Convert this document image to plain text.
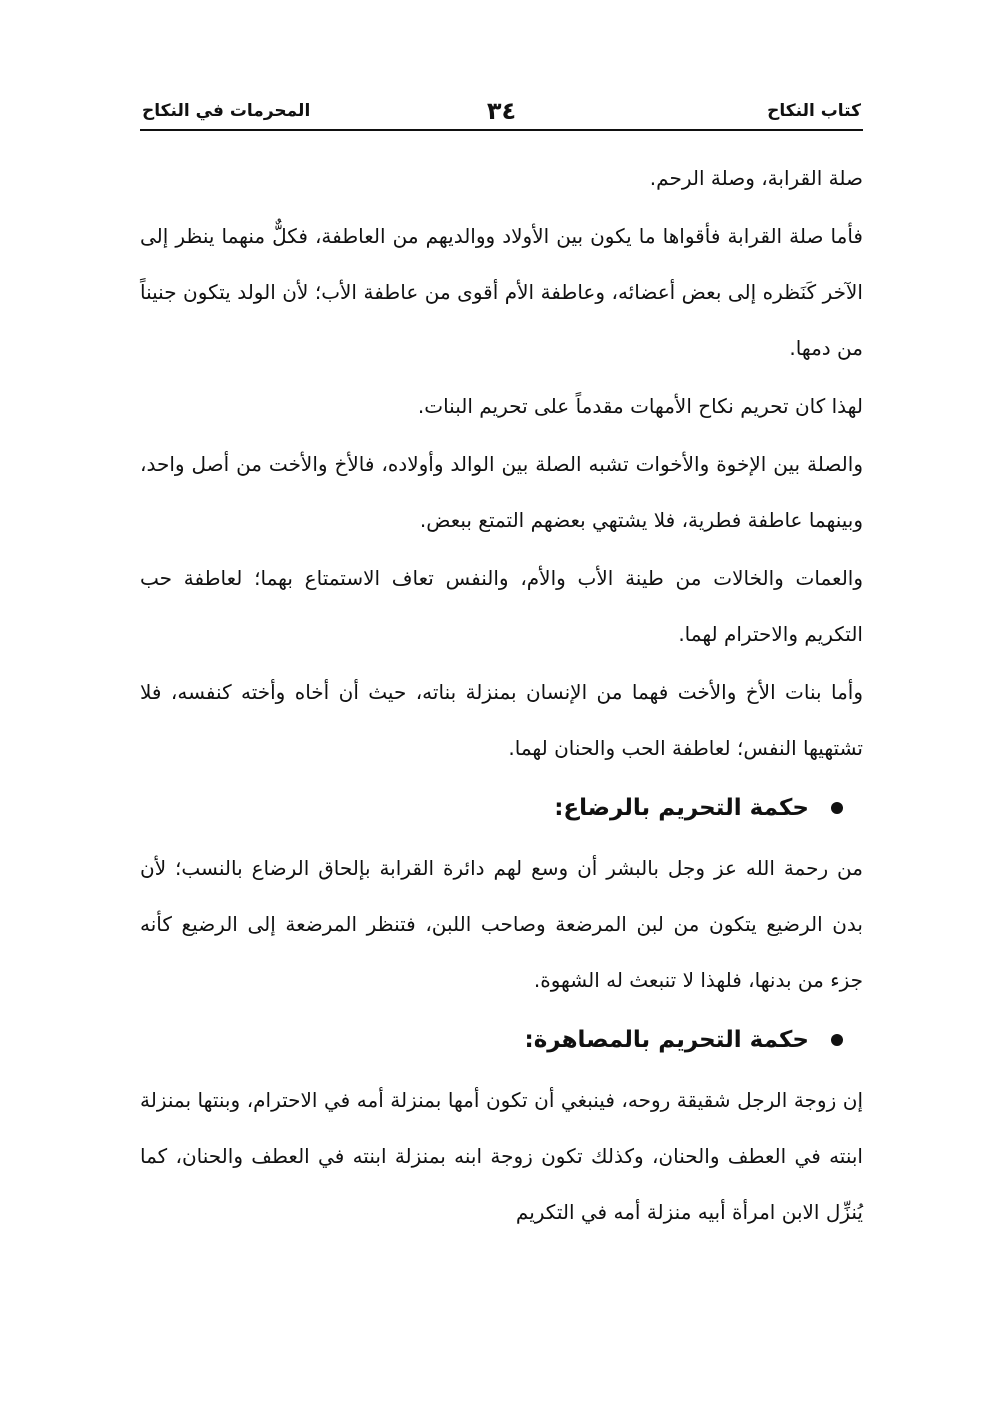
كتاب النكاح
٣٤
المحرمات في النكاح

صلة القرابة، وصلة الرحم.

فأما صلة القرابة فأقواها ما يكون بين الأولاد ووالديهم من العاطفة، فكلٌّ منهما ينظر إلى الآخر كَنَظره إلى بعض أعضائه، وعاطفة الأم أقوى من عاطفة الأب؛ لأن الولد يتكون جنيناً من دمها.

لهذا كان تحريم نكاح الأمهات مقدماً على تحريم البنات.

والصلة بين الإخوة والأخوات تشبه الصلة بين الوالد وأولاده، فالأخ والأخت من أصل واحد، وبينهما عاطفة فطرية، فلا يشتهي بعضهم التمتع ببعض.

والعمات والخالات من طينة الأب والأم، والنفس تعاف الاستمتاع بهما؛ لعاطفة حب التكريم والاحترام لهما.

وأما بنات الأخ والأخت فهما من الإنسان بمنزلة بناته، حيث أن أخاه وأخته كنفسه، فلا تشتهيها النفس؛ لعاطفة الحب والحنان لهما.

حكمة التحريم بالرضاع:

من رحمة الله عز وجل بالبشر أن وسع لهم دائرة القرابة بإلحاق الرضاع بالنسب؛ لأن بدن الرضيع يتكون من لبن المرضعة وصاحب اللبن، فتنظر المرضعة إلى الرضيع كأنه جزء من بدنها، فلهذا لا تنبعث له الشهوة.

حكمة التحريم بالمصاهرة:

إن زوجة الرجل شقيقة روحه، فينبغي أن تكون أمها بمنزلة أمه في الاحترام، وبنتها بمنزلة ابنته في العطف والحنان، وكذلك تكون زوجة ابنه بمنزلة ابنته في العطف والحنان، كما يُنزِّل الابن امرأة أبيه منزلة أمه في التكريم
